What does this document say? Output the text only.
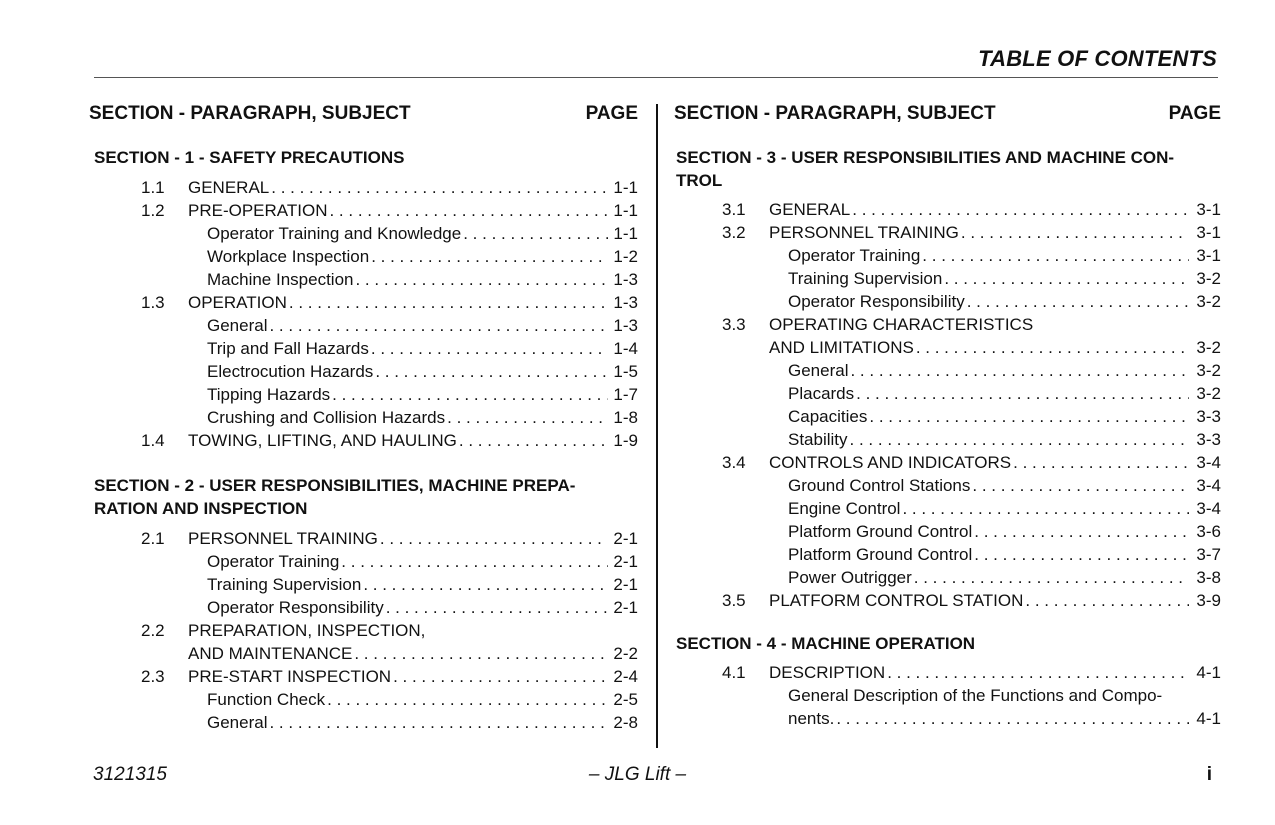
TABLE OF CONTENTS
SECTION - PARAGRAPH, SUBJECT	PAGE
SECTION - 1 - SAFETY PRECAUTIONS
1.1 GENERAL . . .	1-1
1.2 PRE-OPERATION . . .	1-1
Operator Training and Knowledge . . .	1-1
Workplace Inspection . . .	1-2
Machine Inspection . . .	1-3
1.3 OPERATION . . .	1-3
General . . .	1-3
Trip and Fall Hazards . . .	1-4
Electrocution Hazards . . .	1-5
Tipping Hazards . . .	1-7
Crushing and Collision Hazards . . .	1-8
1.4 TOWING, LIFTING, AND HAULING . . .	1-9
SECTION - 2 - USER RESPONSIBILITIES, MACHINE PREPA-
RATION AND INSPECTION
2.1 PERSONNEL TRAINING . . .	2-1
Operator Training . . .	2-1
Training Supervision . . .	2-1
Operator Responsibility . . .	2-1
2.2 PREPARATION, INSPECTION,
AND MAINTENANCE . . .	2-2
2.3 PRE-START INSPECTION . . .	2-4
Function Check . . .	2-5
General . . .	2-8
SECTION - PARAGRAPH, SUBJECT	PAGE
SECTION - 3 - USER RESPONSIBILITIES AND MACHINE CON-
TROL
3.1 GENERAL . . .	3-1
3.2 PERSONNEL TRAINING . . .	3-1
Operator Training . . .	3-1
Training Supervision . . .	3-2
Operator Responsibility . . .	3-2
3.3 OPERATING CHARACTERISTICS
AND LIMITATIONS . . .	3-2
General . . .	3-2
Placards . . .	3-2
Capacities . . .	3-3
Stability . . .	3-3
3.4 CONTROLS AND INDICATORS . . .	3-4
Ground Control Stations . . .	3-4
Engine Control . . .	3-4
Platform Ground Control . . .	3-6
Platform Ground Control . . .	3-7
Power Outrigger . . .	3-8
3.5 PLATFORM CONTROL STATION . . .	3-9
SECTION - 4 - MACHINE OPERATION
4.1 DESCRIPTION . . .	4-1
General Description of the Functions and Compo-
nents. . . .	4-1
3121315	– JLG Lift –	i
